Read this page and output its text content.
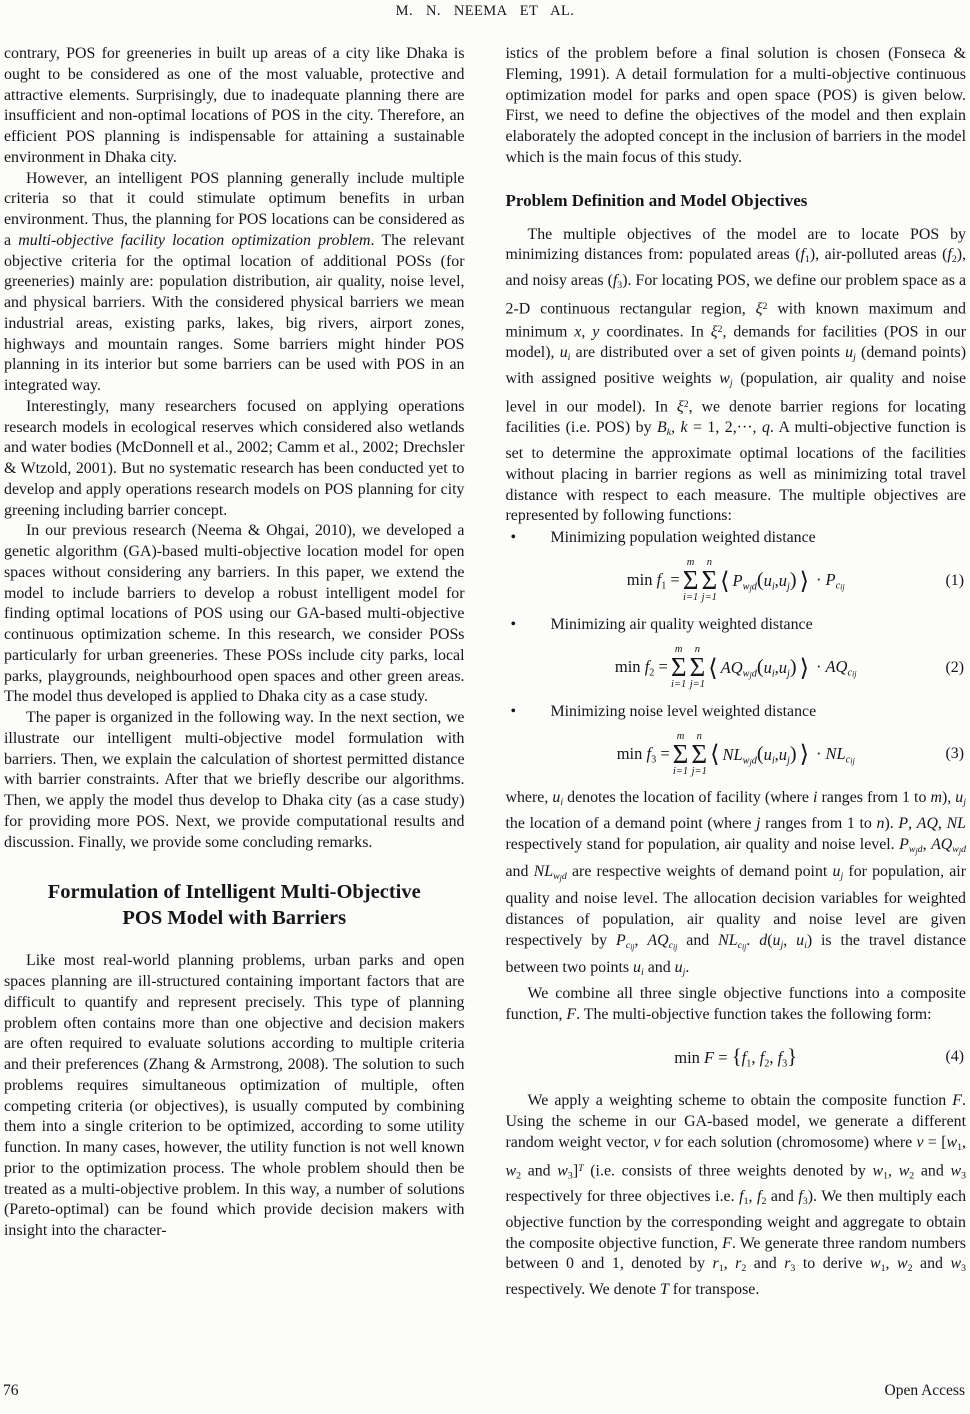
M. N. NEEMA ET AL.

contrary, POS for greeneries in built up areas of a city like Dhaka is ought to be considered as one of the most valuable, protective and attractive elements. Surprisingly, due to inadequate planning there are insufficient and non-optimal locations of POS in the city. Therefore, an efficient POS planning is indispensable for attaining a sustainable environment in Dhaka city.

However, an intelligent POS planning generally include multiple criteria so that it could stimulate optimum benefits in urban environment. Thus, the planning for POS locations can be considered as a multi-objective facility location optimization problem. The relevant objective criteria for the optimal location of additional POSs (for greeneries) mainly are: population distribution, air quality, noise level, and physical barriers. With the considered physical barriers we mean industrial areas, existing parks, lakes, big rivers, airport zones, highways and mountain ranges. Some barriers might hinder POS planning in its interior but some barriers can be used with POS in an integrated way.

Interestingly, many researchers focused on applying operations research models in ecological reserves which considered also wetlands and water bodies (McDonnell et al., 2002; Camm et al., 2002; Drechsler & Wtzold, 2001). But no systematic research has been conducted yet to develop and apply operations research models on POS planning for city greening including barrier concept.

In our previous research (Neema & Ohgai, 2010), we developed a genetic algorithm (GA)-based multi-objective location model for open spaces without considering any barriers. In this paper, we extend the model to include barriers to develop a robust intelligent model for finding optimal locations of POS using our GA-based multi-objective continuous optimization scheme. In this research, we consider POSs particularly for urban greeneries. These POSs include city parks, local parks, playgrounds, neighbourhood open spaces and other green areas. The model thus developed is applied to Dhaka city as a case study.

The paper is organized in the following way. In the next section, we illustrate our intelligent multi-objective model formulation with barriers. Then, we explain the calculation of shortest permitted distance with barrier constraints. After that we briefly describe our algorithms. Then, we apply the model thus develop to Dhaka city (as a case study) for providing more POS. Next, we provide computational results and discussion. Finally, we provide some concluding remarks.

Formulation of Intelligent Multi-Objective
POS Model with Barriers

Like most real-world planning problems, urban parks and open spaces planning are ill-structured containing important factors that are difficult to quantify and represent precisely. This type of planning problem often contains more than one objective and decision makers are often required to evaluate solutions according to multiple criteria and their preferences (Zhang & Armstrong, 2008). The solution to such problems requires simultaneous optimization of multiple, often competing criteria (or objectives), is usually computed by combining them into a single criterion to be optimized, according to some utility function. In many cases, however, the utility function is not well known prior to the optimization process. The whole problem should then be treated as a multi-objective problem. In this way, a number of solutions (Pareto-optimal) can be found which provide decision makers with insight into the character-

istics of the problem before a final solution is chosen (Fonseca & Fleming, 1991). A detail formulation for a multi-objective continuous optimization model for parks and open space (POS) is given below. First, we need to define the objectives of the model and then explain elaborately the adopted concept in the inclusion of barriers in the model which is the main focus of this study.

Problem Definition and Model Objectives

The multiple objectives of the model are to locate POS by minimizing distances from: populated areas (f1), air-polluted areas (f2), and noisy areas (f3). For locating POS, we define our problem space as a 2-D continuous rectangular region, $\xi^2$ with known maximum and minimum x, y coordinates. In $\xi^2$, demands for facilities (POS in our model), ui are distributed over a set of given points uj (demand points) with assigned positive weights wj (population, air quality and noise level in our model). In $\xi^2$, we denote barrier regions for locating facilities (i.e. POS) by Bk, k = 1, 2,···, q. A multi-objective function is set to determine the approximate optimal locations of the facilities without placing in barrier regions as well as minimizing total travel distance with respect to each measure. The multiple objectives are represented by following functions:

•	Minimizing population weighted distance
min f1 =
m
Σ
i=1
n
Σ
j=1
⟨ $Pw_jd(ui,uj)$ ⟩ · $Pc_{ij}$	(1)
•	Minimizing air quality weighted distance
min f2 =
m
Σ
i=1
n
Σ
j=1
⟨ AQw$_j$d(ui,uj) ⟩ · AQc$_{ij}$	(2)
•	Minimizing noise level weighted distance
min f3 =
m
Σ
i=1
n
Σ
j=1
⟨ NLw$_j$d(ui,uj) ⟩ · NLc$_{ij}$	(3)

where, ui denotes the location of facility (where i ranges from 1 to m), uj the location of a demand point (where j ranges from 1 to n). P, AQ, NL respectively stand for population, air quality and noise level. $Pw_jd$, AQw$_j$d and NLw$_j$d are respective weights of demand point uj for population, air quality and noise level. The allocation decision variables for weighted distances of population, air quality and noise level are given respectively by $Pc_{ij}$, AQc$_{ij}$ and NLc$_{ij}$. d(uj, ui) is the travel distance between two points ui and uj.

We combine all three single objective functions into a composite function, F. The multi-objective function takes the following form:

min F = {f1, f2, f3}	(4)

We apply a weighting scheme to obtain the composite function F. Using the scheme in our GA-based model, we generate a different random weight vector, v for each solution (chromosome) where v = [w1, w2 and w3]$^T$ (i.e. consists of three weights denoted by w1, w2 and w3 respectively for three objectives i.e. f1, f2 and f3). We then multiply each objective function by the corresponding weight and aggregate to obtain the composite objective function, F. We generate three random numbers between 0 and 1, denoted by r1, r2 and r3 to derive w1, w2 and w3 respectively. We denote T for transpose.

76	Open Access
